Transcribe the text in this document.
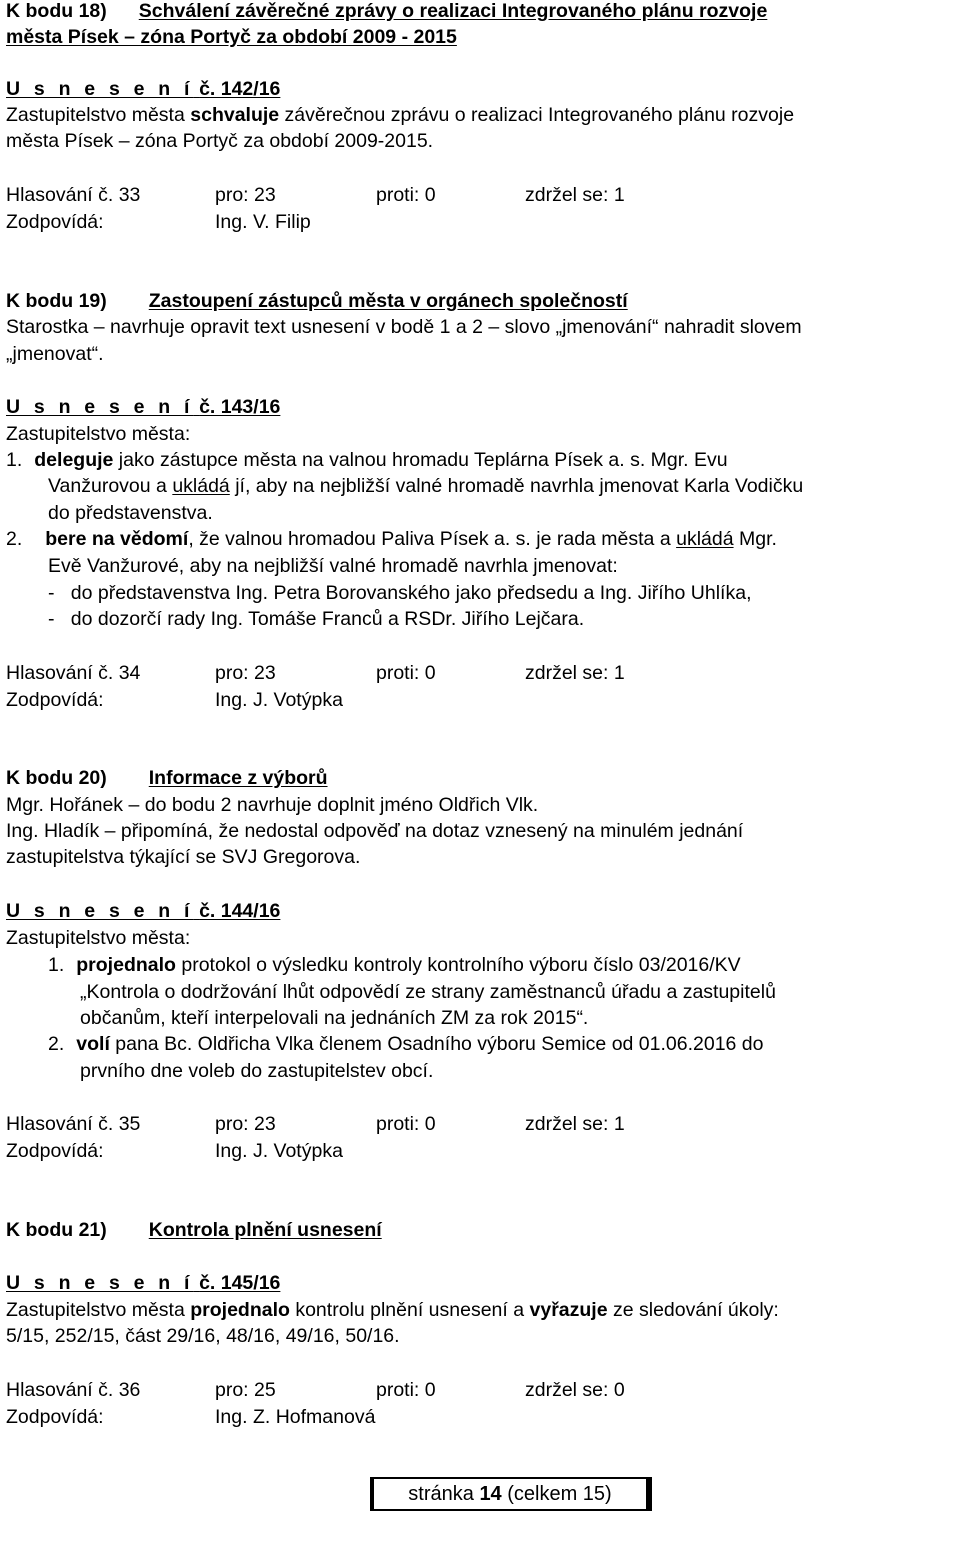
K bodu 18) Schválení závěrečné zprávy o realizaci Integrovaného plánu rozvoje
města Písek – zóna Portyč za období 2009 - 2015
U s n e s e n í č. 142/16
Zastupitelstvo města schvaluje závěrečnou zprávu o realizaci Integrovaného plánu rozvoje
města Písek – zóna Portyč za období 2009-2015.
Hlasování č. 33	pro: 23	proti: 0	zdržel se: 1
Zodpovídá:	Ing. V. Filip
K bodu 19) Zastoupení zástupců města v orgánech společností
Starostka – navrhuje opravit text usnesení v bodě 1 a 2 – slovo „jmenování“ nahradit slovem
„jmenovat“.
U s n e s e n í č. 143/16
Zastupitelstvo města:
1. deleguje jako zástupce města na valnou hromadu Teplárna Písek a. s. Mgr. Evu
Vanžurovou a ukládá jí, aby na nejbližší valné hromadě navrhla jmenovat Karla Vodičku
do představenstva.
2. bere na vědomí, že valnou hromadou Paliva Písek a. s. je rada města a ukládá Mgr.
Evě Vanžurové, aby na nejbližší valné hromadě navrhla jmenovat:
-   do představenstva Ing. Petra Borovanského jako předsedu a Ing. Jiřího Uhlíka,
-   do dozorčí rady Ing. Tomáše Franců a RSDr. Jiřího Lejčara.
Hlasování č. 34	pro: 23	proti: 0	zdržel se: 1
Zodpovídá:	Ing. J. Votýpka
K bodu 20) Informace z výborů
Mgr. Hořánek – do bodu 2 navrhuje doplnit jméno Oldřich Vlk.
Ing. Hladík – připomíná, že nedostal odpověď na dotaz vznesený na minulém jednání
zastupitelstva týkající se SVJ Gregorova.
U s n e s e n í č. 144/16
Zastupitelstvo města:
1. projednalo protokol o výsledku kontroly kontrolního výboru číslo 03/2016/KV
„Kontrola o dodržování lhůt odpovědí ze strany zaměstnanců úřadu a zastupitelů
občanům, kteří interpelovali na jednáních ZM za rok 2015“.
2. volí pana Bc. Oldřicha Vlka členem Osadního výboru Semice od 01.06.2016 do
prvního dne voleb do zastupitelstev obcí.
Hlasování č. 35	pro: 23	proti: 0	zdržel se: 1
Zodpovídá:	Ing. J. Votýpka
K bodu 21) Kontrola plnění usnesení
U s n e s e n í č. 145/16
Zastupitelstvo města projednalo kontrolu plnění usnesení a vyřazuje ze sledování úkoly:
5/15, 252/15, část 29/16, 48/16, 49/16, 50/16.
Hlasování č. 36	pro: 25	proti: 0	zdržel se: 0
Zodpovídá:	Ing. Z. Hofmanová
stránka 14 (celkem 15)
